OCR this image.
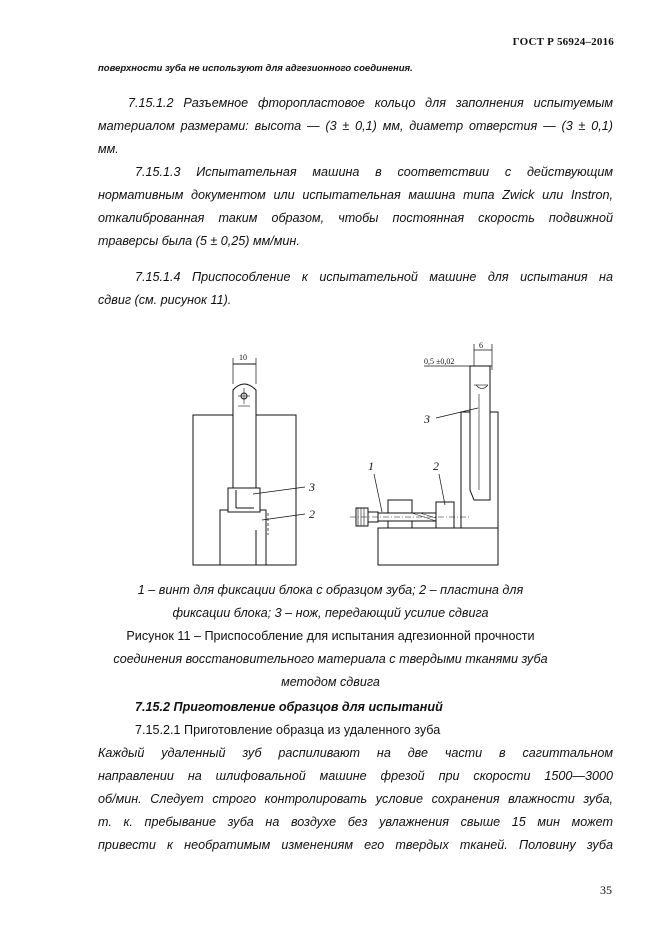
ГОСТ Р 56924–2016
поверхности зуба не используют для адгезионного соединения.
7.15.1.2 Разъемное фторопластовое кольцо для заполнения испытуемым
материалом размерами: высота — (3 ± 0,1) мм, диаметр отверстия — (3 ± 0,1)
мм.
7.15.1.3 Испытательная машина в соответствии с действующим
нормативным документом или испытательная машина типа Zwick или Instron,
откалиброванная таким образом, чтобы постоянная скорость подвижной
траверсы была (5 ± 0,25) мм/мин.
7.15.1.4 Приспособление к испытательной машине для испытания на
сдвиг (см. рисунок 11).
10
3
2
0,5 ±0,02
6
1	2
3
1 – винт для фиксации блока с образцом зуба; 2 – пластина для
фиксации блока; 3 – нож, передающий усилие сдвига
Рисунок 11 – Приспособление для испытания адгезионной прочности
соединения восстановительного материала с твердыми тканями зуба
методом сдвига
7.15.2 Приготовление образцов для испытаний
7.15.2.1 Приготовление образца из удаленного зуба
Каждый удаленный зуб распиливают на две части в сагиттальном
направлении на шлифовальной машине фрезой при скорости 1500—3000
об/мин. Следует строго контролировать условие сохранения влажности зуба,
т. к. пребывание зуба на воздухе без увлажнения свыше 15 мин может
привести к необратимым изменениям его твердых тканей. Половину зуба
35
